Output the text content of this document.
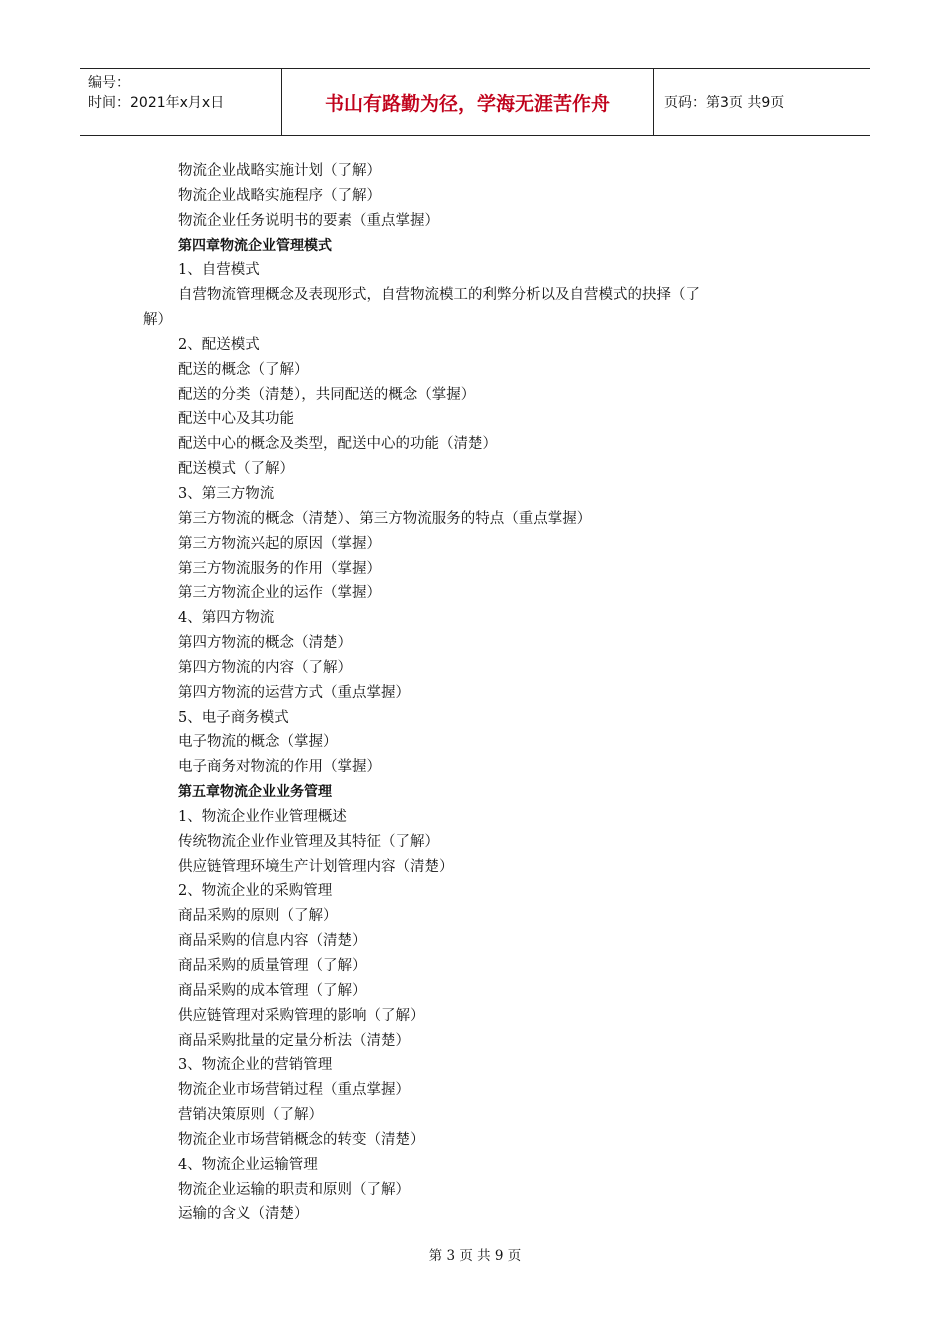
编号：
时间：2021年x月x日	书山有路勤为径，学海无涯苦作舟	页码：第3页 共9页
物流企业战略实施计划（了解）
物流企业战略实施程序（了解）
物流企业任务说明书的要素（重点掌握）
第四章物流企业管理模式
1、自营模式
自营物流管理概念及表现形式，自营物流模工的利弊分析以及自营模式的抉择（了
解）
2、配送模式
配送的概念（了解）
配送的分类（清楚），共同配送的概念（掌握）
配送中心及其功能
配送中心的概念及类型，配送中心的功能（清楚）
配送模式（了解）
3、第三方物流
第三方物流的概念（清楚）、第三方物流服务的特点（重点掌握）
第三方物流兴起的原因（掌握）
第三方物流服务的作用（掌握）
第三方物流企业的运作（掌握）
4、第四方物流
第四方物流的概念（清楚）
第四方物流的内容（了解）
第四方物流的运营方式（重点掌握）
5、电子商务模式
电子物流的概念（掌握）
电子商务对物流的作用（掌握）
第五章物流企业业务管理
1、物流企业作业管理概述
传统物流企业作业管理及其特征（了解）
供应链管理环境生产计划管理内容（清楚）
2、物流企业的采购管理
商品采购的原则（了解）
商品采购的信息内容（清楚）
商品采购的质量管理（了解）
商品采购的成本管理（了解）
供应链管理对采购管理的影响（了解）
商品采购批量的定量分析法（清楚）
3、物流企业的营销管理
物流企业市场营销过程（重点掌握）
营销决策原则（了解）
物流企业市场营销概念的转变（清楚）
4、物流企业运输管理
物流企业运输的职责和原则（了解）
运输的含义（清楚）
第 3 页 共 9 页
